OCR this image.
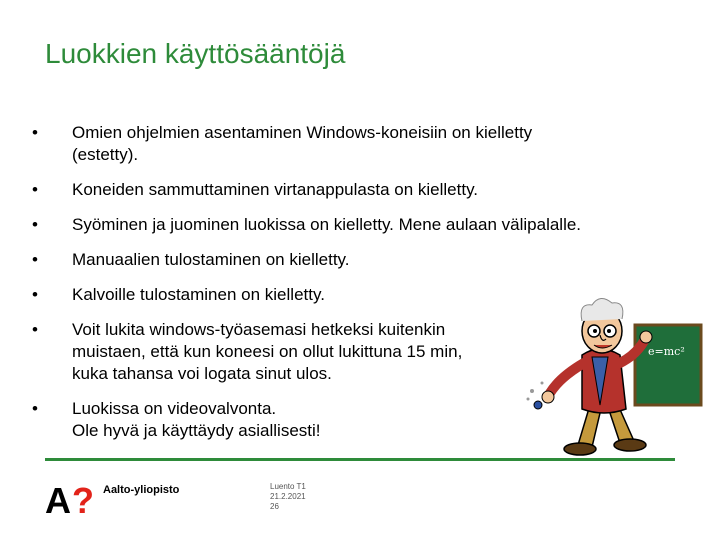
Luokkien käyttösääntöjä
• Omien ohjelmien asentaminen Windows-koneisiin on kielletty
(estetty).
• Koneiden sammuttaminen virtanappulasta on kielletty.
• Syöminen ja juominen luokissa on kielletty. Mene aulaan välipalalle.
• Manuaalien tulostaminen on kielletty.
• Kalvoille tulostaminen on kielletty.
• Voit lukita windows-työasemasi hetkeksi kuitenkin
muistaen, että kun koneesi on ollut lukittuna 15 min,
kuka tahansa voi logata sinut ulos.
• Luokissa on videovalvonta.
Ole hyvä ja käyttäydy asiallisesti!
e=mc²
A ? Aalto-yliopisto	Luento T1
21.2.2021
26
